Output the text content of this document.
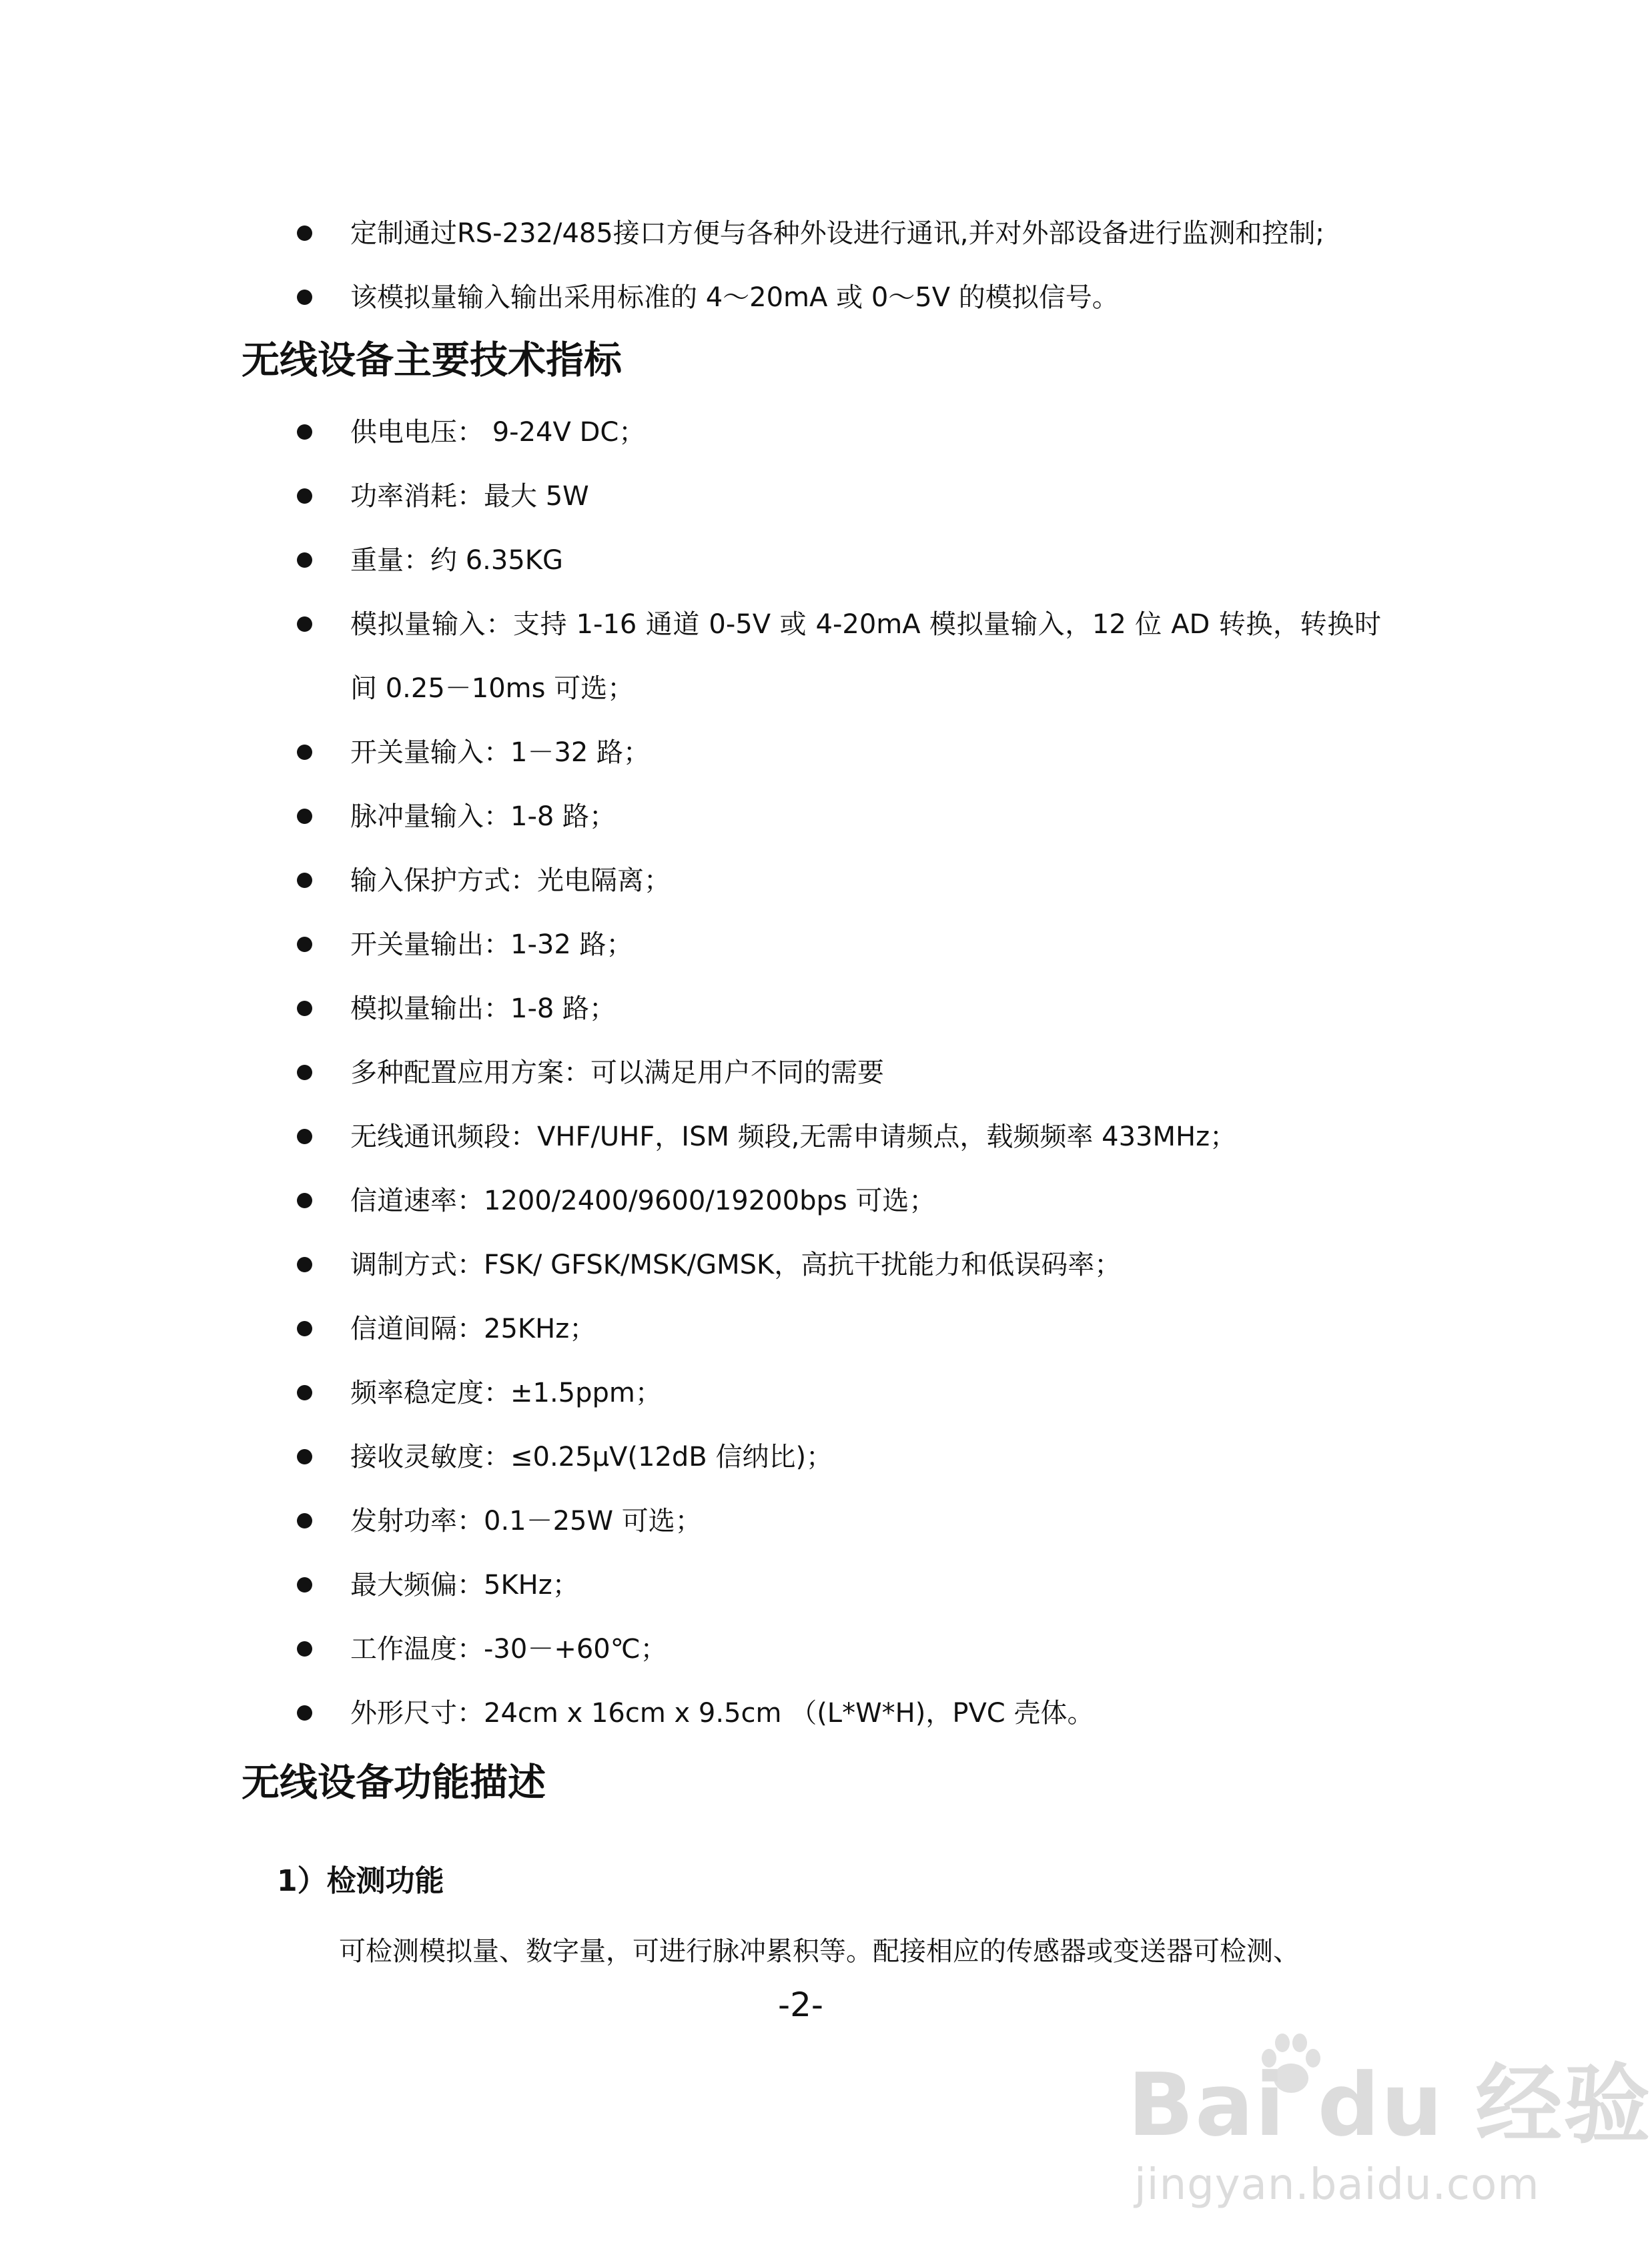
定制通过RS-232/485接口方便与各种外设进行通讯,并对外部设备进行监测和控制;
该模拟量输入输出采用标准的 4～20mA 或 0～5V 的模拟信号。
无线设备主要技术指标
供电电压： 9-24V DC；
功率消耗：最大 5W
重量：约 6.35KG
模拟量输入：支持 1-16 通道 0-5V 或 4-20mA 模拟量输入，12 位 AD 转换，转换时
间 0.25－10ms 可选；
开关量输入：1－32 路；
脉冲量输入：1-8 路；
输入保护方式：光电隔离；
开关量输出：1-32 路；
模拟量输出：1-8 路；
多种配置应用方案：可以满足用户不同的需要
无线通讯频段：VHF/UHF，ISM 频段,无需申请频点，载频频率 433MHz；
信道速率：1200/2400/9600/19200bps 可选；
调制方式：FSK/ GFSK/MSK/GMSK，高抗干扰能力和低误码率；
信道间隔：25KHz；
频率稳定度：±1.5ppm；
接收灵敏度：≤0.25μV(12dB 信纳比)；
发射功率：0.1－25W 可选；
最大频偏：5KHz；
工作温度：-30－+60℃；
外形尺寸：24cm x 16cm x 9.5cm （(L*W*H)，PVC 壳体。
无线设备功能描述
1）检测功能

可检测模拟量、数字量，可进行脉冲累积等。配接相应的传感器或变送器可检测、

-2-
Bai du 经验
jingyan.baidu.com
